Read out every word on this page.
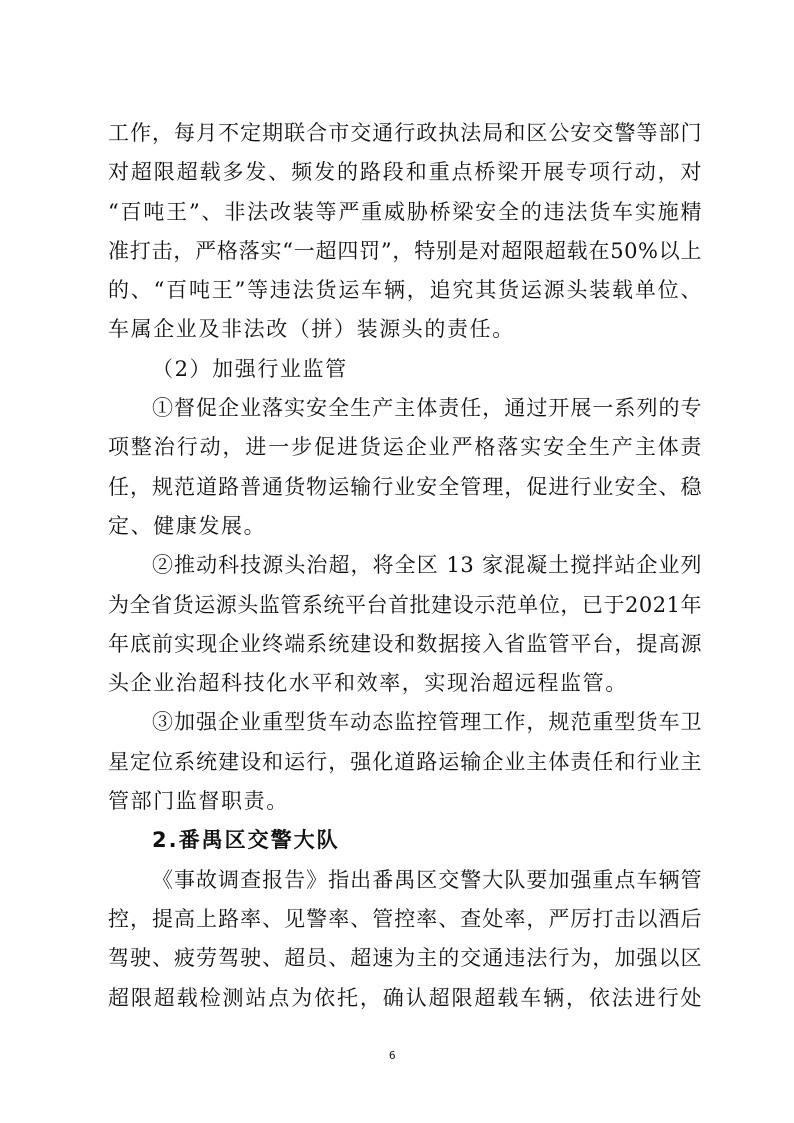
工作，每月不定期联合市交通行政执法局和区公安交警等部门
对超限超载多发、频发的路段和重点桥梁开展专项行动，对
“百吨王”、非法改装等严重威胁桥梁安全的违法货车实施精
准打击，严格落实“一超四罚”，特别是对超限超载在50%以上
的、“百吨王”等违法货运车辆，追究其货运源头装载单位、
车属企业及非法改（拼）装源头的责任。
（2）加强行业监管
①督促企业落实安全生产主体责任，通过开展一系列的专
项整治行动，进一步促进货运企业严格落实安全生产主体责
任，规范道路普通货物运输行业安全管理，促进行业安全、稳
定、健康发展。
②推动科技源头治超，将全区 13 家混凝土搅拌站企业列
为全省货运源头监管系统平台首批建设示范单位，已于2021年
年底前实现企业终端系统建设和数据接入省监管平台，提高源
头企业治超科技化水平和效率，实现治超远程监管。
③加强企业重型货车动态监控管理工作，规范重型货车卫
星定位系统建设和运行，强化道路运输企业主体责任和行业主
管部门监督职责。
2.番禺区交警大队
《事故调查报告》指出番禺区交警大队要加强重点车辆管
控，提高上路率、见警率、管控率、查处率，严厉打击以酒后
驾驶、疲劳驾驶、超员、超速为主的交通违法行为，加强以区
超限超载检测站点为依托，确认超限超载车辆，依法进行处
6
